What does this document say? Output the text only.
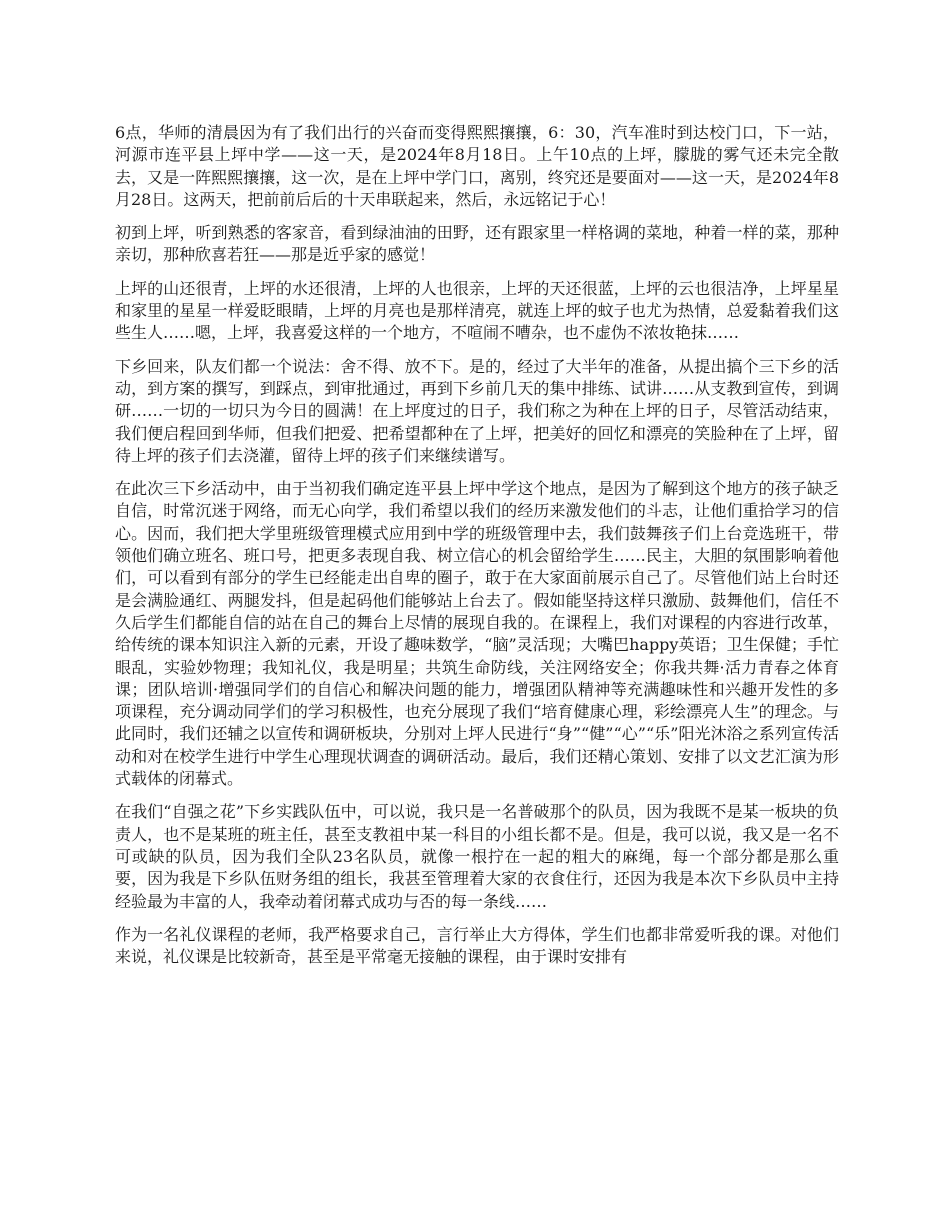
6点，华师的清晨因为有了我们出行的兴奋而变得熙熙攘攘，6：30，汽车准时到达校门口，下一站，河源市连平县上坪中学——这一天，是2024年8月18日。上午10点的上坪，朦胧的雾气还未完全散去，又是一阵熙熙攘攘，这一次，是在上坪中学门口，离别，终究还是要面对——这一天，是2024年8月28日。这两天，把前前后后的十天串联起来，然后，永远铭记于心！

初到上坪，听到熟悉的客家音，看到绿油油的田野，还有跟家里一样格调的菜地，种着一样的菜，那种亲切，那种欣喜若狂——那是近乎家的感觉！

上坪的山还很青，上坪的水还很清，上坪的人也很亲，上坪的天还很蓝，上坪的云也很洁净，上坪星星和家里的星星一样爱眨眼睛，上坪的月亮也是那样清亮，就连上坪的蚊子也尤为热情，总爱黏着我们这些生人……嗯，上坪，我喜爱这样的一个地方，不喧闹不嘈杂，也不虚伪不浓妆艳抹……

下乡回来，队友们都一个说法：舍不得、放不下。是的，经过了大半年的准备，从提出搞个三下乡的活动，到方案的撰写，到踩点，到审批通过，再到下乡前几天的集中排练、试讲……从支教到宣传，到调研……一切的一切只为今日的圆满！在上坪度过的日子，我们称之为种在上坪的日子，尽管活动结束，我们便启程回到华师，但我们把爱、把希望都种在了上坪，把美好的回忆和漂亮的笑脸种在了上坪，留待上坪的孩子们去浇灌，留待上坪的孩子们来继续谱写。

在此次三下乡活动中，由于当初我们确定连平县上坪中学这个地点，是因为了解到这个地方的孩子缺乏自信，时常沉迷于网络，而无心向学，我们希望以我们的经历来激发他们的斗志，让他们重拾学习的信心。因而，我们把大学里班级管理模式应用到中学的班级管理中去，我们鼓舞孩子们上台竞选班干，带领他们确立班名、班口号，把更多表现自我、树立信心的机会留给学生……民主，大胆的氛围影响着他们，可以看到有部分的学生已经能走出自卑的圈子，敢于在大家面前展示自己了。尽管他们站上台时还是会满脸通红、两腿发抖，但是起码他们能够站上台去了。假如能坚持这样只激励、鼓舞他们，信任不久后学生们都能自信的站在自己的舞台上尽情的展现自我的。在课程上，我们对课程的内容进行改革，给传统的课本知识注入新的元素，开设了趣味数学，“脑”灵活现；大嘴巴happy英语；卫生保健；手忙眼乱，实验妙物理；我知礼仪，我是明星；共筑生命防线，关注网络安全；你我共舞·活力青春之体育课；团队培训·增强同学们的自信心和解决问题的能力，增强团队精神等充满趣味性和兴趣开发性的多项课程，充分调动同学们的学习积极性，也充分展现了我们“培育健康心理，彩绘漂亮人生”的理念。与此同时，我们还辅之以宣传和调研板块，分别对上坪人民进行“身”“健”“心”“乐”阳光沐浴之系列宣传活动和对在校学生进行中学生心理现状调查的调研活动。最后，我们还精心策划、安排了以文艺汇演为形式载体的闭幕式。

在我们“自强之花”下乡实践队伍中，可以说，我只是一名普破那个的队员，因为我既不是某一板块的负责人，也不是某班的班主任，甚至支教祖中某一科目的小组长都不是。但是，我可以说，我又是一名不可或缺的队员，因为我们全队23名队员，就像一根拧在一起的粗大的麻绳，每一个部分都是那么重要，因为我是下乡队伍财务组的组长，我甚至管理着大家的衣食住行，还因为我是本次下乡队员中主持经验最为丰富的人，我牵动着闭幕式成功与否的每一条线……

作为一名礼仪课程的老师，我严格要求自己，言行举止大方得体，学生们也都非常爱听我的课。对他们来说，礼仪课是比较新奇，甚至是平常毫无接触的课程，由于课时安排有
